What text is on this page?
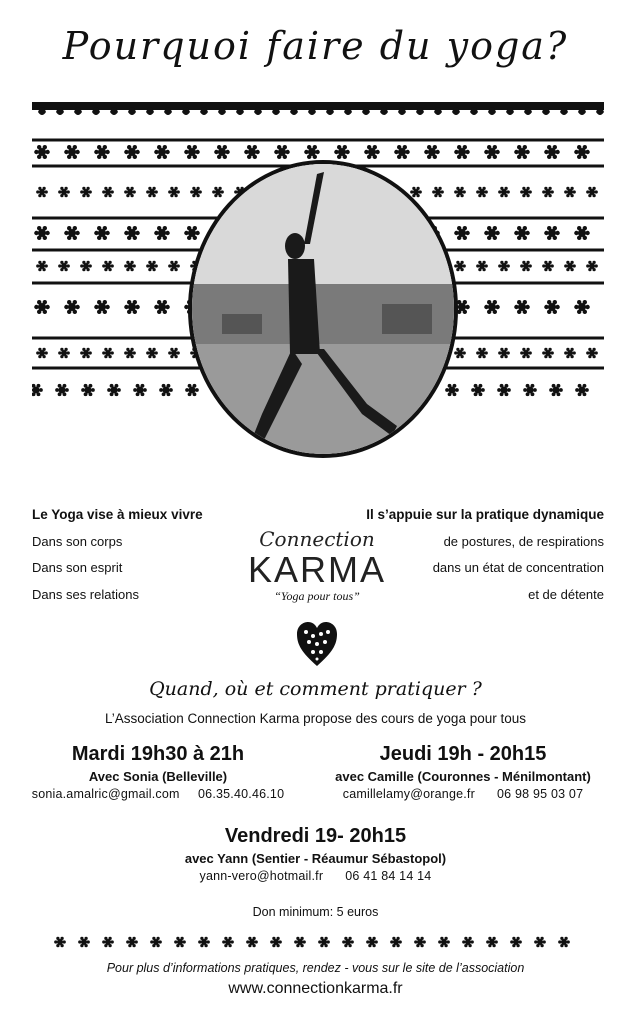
Pourquoi faire du yoga?
Le Yoga vise à mieux vivre
Dans son corps
Dans son esprit
Dans ses relations
Il s’appuie sur la pratique dynamique
de postures, de respirations
dans un état de concentration
et de détente
Connection
KARMA
“Yoga pour tous”
Quand, où et comment pratiquer ?
L’Association Connection Karma propose des cours de yoga pour tous
Mardi 19h30 à 21h
Avec Sonia (Belleville)
sonia.amalric@gmail.com 06.35.40.46.10
Jeudi 19h - 20h15
avec Camille (Couronnes - Ménilmontant)
camillelamy@orange.fr 06 98 95 03 07
Vendredi 19- 20h15
avec Yann (Sentier - Réaumur Sébastopol)
yann-vero@hotmail.fr 06 41 84 14 14
Don minimum: 5 euros
Pour plus d’informations pratiques, rendez - vous sur le site de l’association
www.connectionkarma.fr
